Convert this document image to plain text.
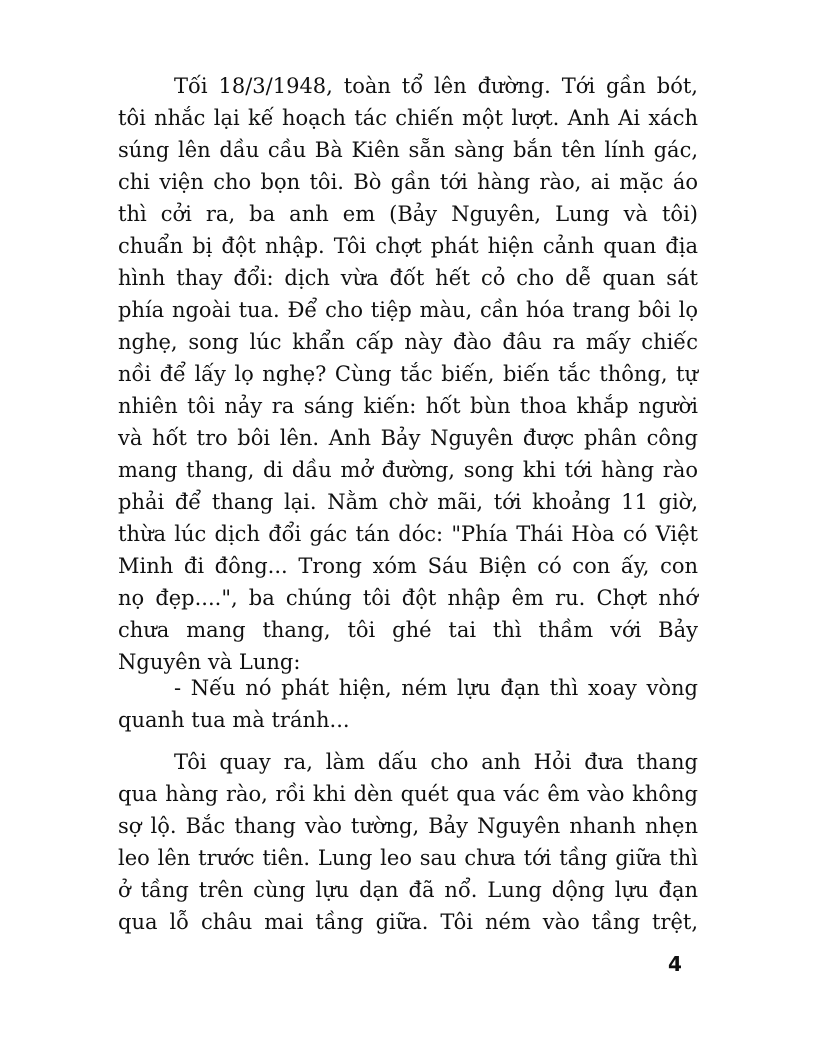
Tối 18/3/1948, toàn tổ lên đường. Tới gần bót,
tôi nhắc lại kế hoạch tác chiến một lượt. Anh Ai xách
súng lên dầu cầu Bà Kiên sẵn sàng bắn tên lính gác,
chi viện cho bọn tôi. Bò gần tới hàng rào, ai mặc áo
thì cởi ra, ba anh em (Bảy Nguyên, Lung và tôi)
chuẩn bị đột nhập. Tôi chợt phát hiện cảnh quan địa
hình thay đổi: dịch vừa đốt hết cỏ cho dễ quan sát
phía ngoài tua. Để cho tiệp màu, cần hóa trang bôi lọ
nghẹ, song lúc khẩn cấp này đào đâu ra mấy chiếc
nồi để lấy lọ nghẹ? Cùng tắc biến, biến tắc thông, tự
nhiên tôi nảy ra sáng kiến: hốt bùn thoa khắp người
và hốt tro bôi lên. Anh Bảy Nguyên được phân công
mang thang, di dầu mở đường, song khi tới hàng rào
phải để thang lại. Nằm chờ mãi, tới khoảng 11 giờ,
thừa lúc dịch đổi gác tán dóc: "Phía Thái Hòa có Việt
Minh đi đông... Trong xóm Sáu Biện có con ấy, con
nọ đẹp....", ba chúng tôi đột nhập êm ru. Chợt nhớ
chưa mang thang, tôi ghé tai thì thầm với Bảy
Nguyên và Lung:
- Nếu nó phát hiện, ném lựu đạn thì xoay vòng
quanh tua mà tránh...
Tôi quay ra, làm dấu cho anh Hỏi đưa thang
qua hàng rào, rồi khi dèn quét qua vác êm vào không
sợ lộ. Bắc thang vào tường, Bảy Nguyên nhanh nhẹn
leo lên trước tiên. Lung leo sau chưa tới tầng giữa thì
ở tầng trên cùng lựu dạn đã nổ. Lung dộng lựu đạn
qua lỗ châu mai tầng giữa. Tôi ném vào tầng trệt,
4
